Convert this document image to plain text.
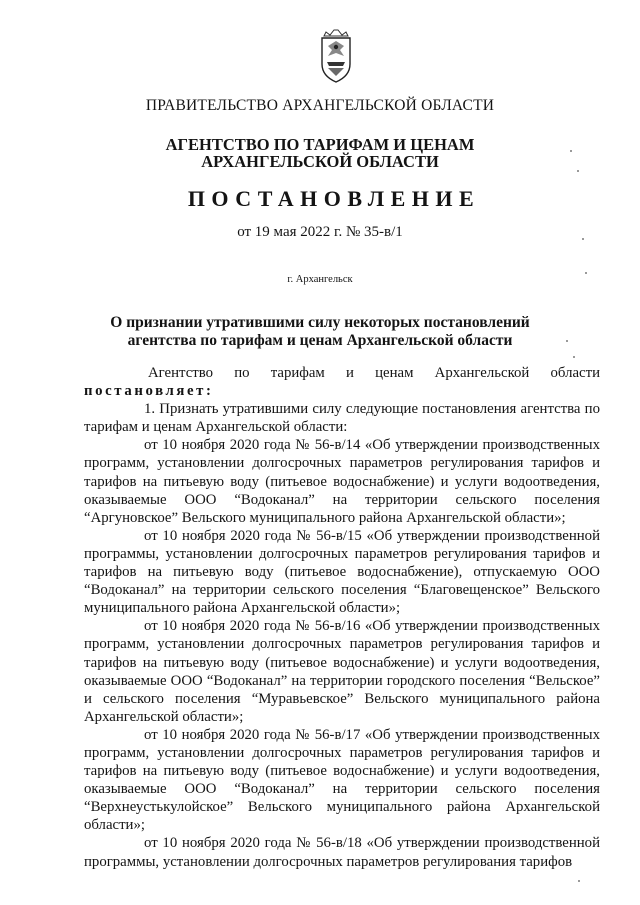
ПРАВИТЕЛЬСТВО АРХАНГЕЛЬСКОЙ ОБЛАСТИ
АГЕНТСТВО ПО ТАРИФАМ И ЦЕНАМ
АРХАНГЕЛЬСКОЙ ОБЛАСТИ
ПОСТАНОВЛЕНИЕ
от 19 мая 2022 г. № 35-в/1
г. Архангельск
О признании утратившими силу некоторых постановлений
агентства по тарифам и ценам Архангельской области

Агентство по тарифам и ценам Архангельской области

постановляет:

1. Признать утратившими силу следующие постановления агентства по тарифам и ценам Архангельской области:

от 10 ноября 2020 года № 56-в/14 «Об утверждении производственных программ, установлении долгосрочных параметров регулирования тарифов и тарифов на питьевую воду (питьевое водоснабжение) и услуги водоотведения, оказываемые ООО “Водоканал” на территории сельского поселения “Аргуновское” Вельского муниципального района Архангельской области»;

от 10 ноября 2020 года № 56-в/15 «Об утверждении производственной программы, установлении долгосрочных параметров регулирования тарифов и тарифов на питьевую воду (питьевое водоснабжение), отпускаемую ООО “Водоканал” на территории сельского поселения “Благовещенское” Вельского муниципального района Архангельской области»;

от 10 ноября 2020 года № 56-в/16 «Об утверждении производственных программ, установлении долгосрочных параметров регулирования тарифов и тарифов на питьевую воду (питьевое водоснабжение) и услуги водоотведения, оказываемые ООО “Водоканал” на территории городского поселения “Вельское” и сельского поселения “Муравьевское” Вельского муниципального района Архангельской области»;

от 10 ноября 2020 года № 56-в/17 «Об утверждении производственных программ, установлении долгосрочных параметров регулирования тарифов и тарифов на питьевую воду (питьевое водоснабжение) и услуги водоотведения, оказываемые ООО “Водоканал” на территории сельского поселения “Верхнеустькулойское” Вельского муниципального района Архангельской области»;

от 10 ноября 2020 года № 56-в/18 «Об утверждении производственной программы, установлении долгосрочных параметров регулирования тарифов
